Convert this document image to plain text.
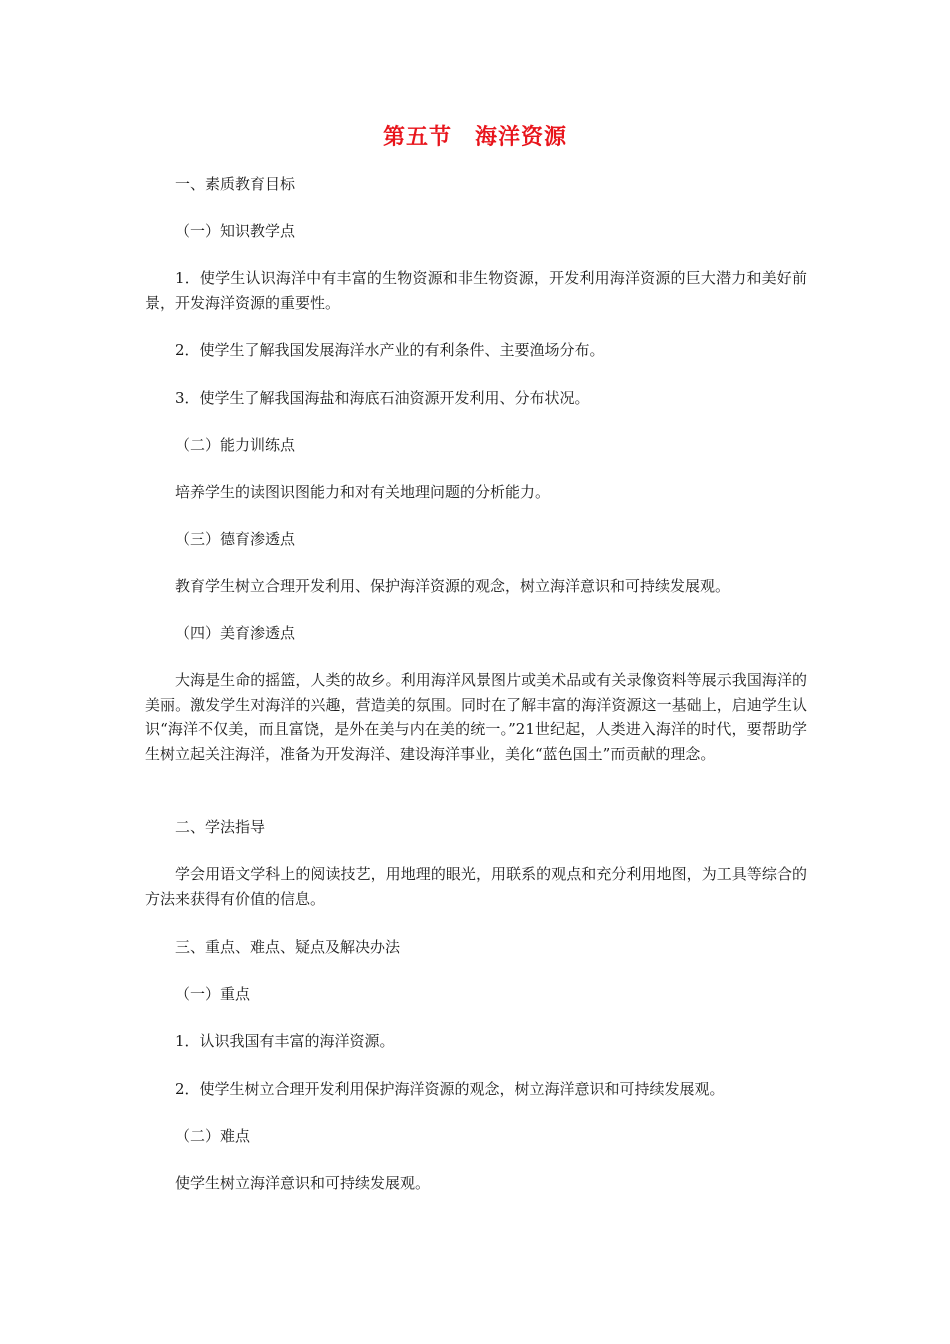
第五节　海洋资源

一、素质教育目标

（一）知识教学点

1．使学生认识海洋中有丰富的生物资源和非生物资源，开发利用海洋资源的巨大潜力和美好前景，开发海洋资源的重要性。

2．使学生了解我国发展海洋水产业的有利条件、主要渔场分布。

3．使学生了解我国海盐和海底石油资源开发利用、分布状况。

（二）能力训练点

培养学生的读图识图能力和对有关地理问题的分析能力。

（三）德育渗透点

教育学生树立合理开发利用、保护海洋资源的观念，树立海洋意识和可持续发展观。

（四）美育渗透点

大海是生命的摇篮，人类的故乡。利用海洋风景图片或美术品或有关录像资料等展示我国海洋的美丽。激发学生对海洋的兴趣，营造美的氛围。同时在了解丰富的海洋资源这一基础上，启迪学生认识“海洋不仅美，而且富饶，是外在美与内在美的统一。”21世纪起，人类进入海洋的时代，要帮助学生树立起关注海洋，准备为开发海洋、建设海洋事业，美化“蓝色国土”而贡献的理念。

二、学法指导

学会用语文学科上的阅读技艺，用地理的眼光，用联系的观点和充分利用地图，为工具等综合的方法来获得有价值的信息。

三、重点、难点、疑点及解决办法

（一）重点

1．认识我国有丰富的海洋资源。

2．使学生树立合理开发利用保护海洋资源的观念，树立海洋意识和可持续发展观。

（二）难点

使学生树立海洋意识和可持续发展观。
